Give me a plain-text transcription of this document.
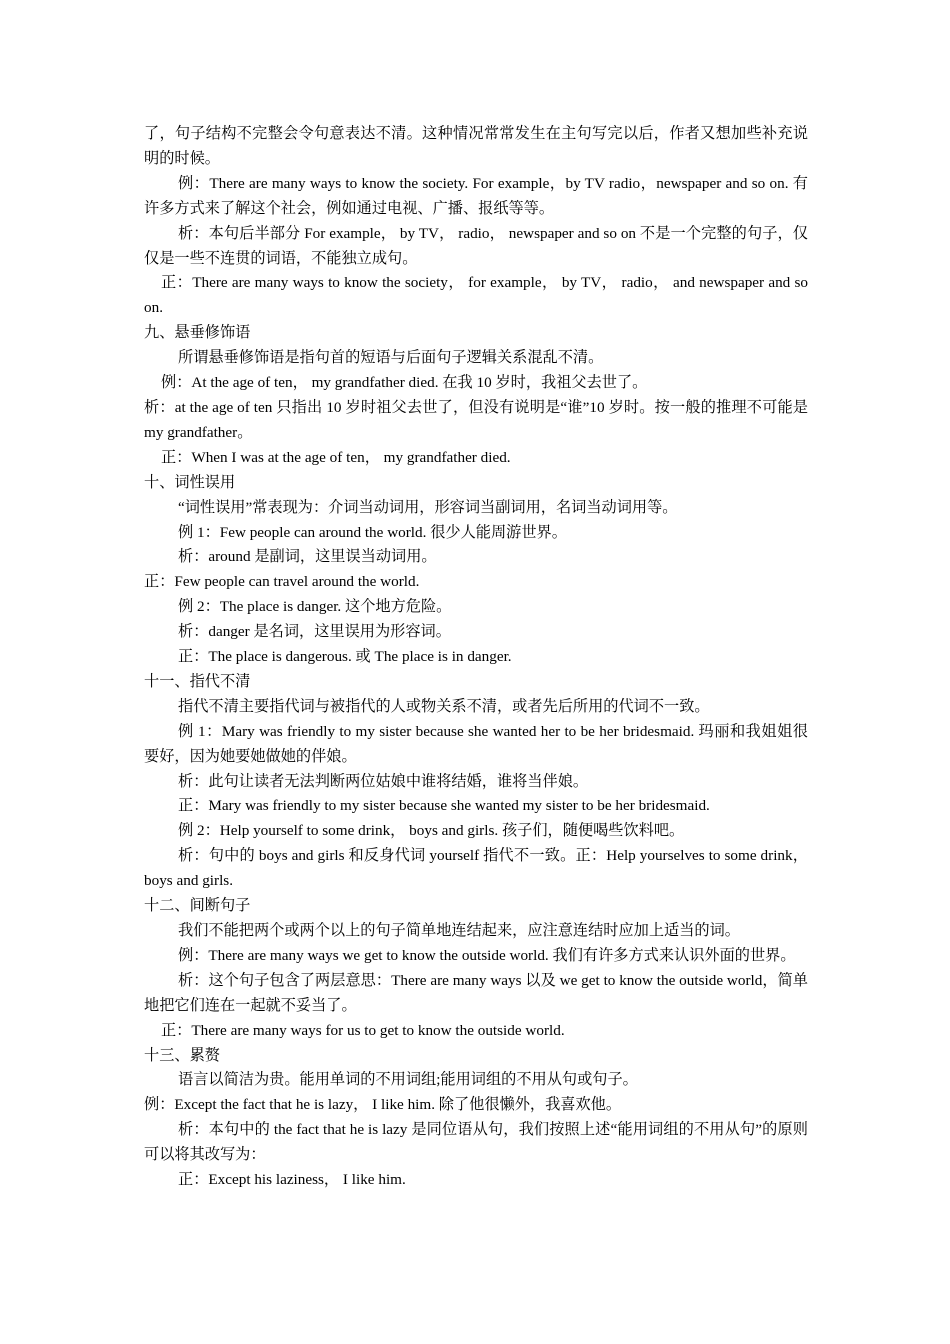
了，句子结构不完整会令句意表达不清。这种情况常常发生在主句写完以后，作者又想加些补充说明的时候。

例：There are many ways to know the society. For example，by TV radio，newspaper and so on. 有许多方式来了解这个社会，例如通过电视、广播、报纸等等。

析：本句后半部分 For example， by TV， radio， newspaper and so on 不是一个完整的句子，仅仅是一些不连贯的词语，不能独立成句。

正：There are many ways to know the society， for example， by TV， radio， and newspaper and so on.

九、悬垂修饰语

所谓悬垂修饰语是指句首的短语与后面句子逻辑关系混乱不清。

例：At the age of ten， my grandfather died. 在我 10 岁时，我祖父去世了。

析：at the age of ten 只指出 10 岁时祖父去世了，但没有说明是“谁”10 岁时。按一般的推理不可能是 my grandfather。

正：When I was at the age of ten， my grandfather died.

十、词性误用

“词性误用”常表现为：介词当动词用，形容词当副词用，名词当动词用等。

例 1：Few people can around the world. 很少人能周游世界。

析：around 是副词，这里误当动词用。

正：Few people can travel around the world.

例 2：The place is danger. 这个地方危险。

析：danger 是名词，这里误用为形容词。

正：The place is dangerous. 或 The place is in danger.

十一、指代不清

指代不清主要指代词与被指代的人或物关系不清，或者先后所用的代词不一致。

例 1：Mary was friendly to my sister because she wanted her to be her bridesmaid. 玛丽和我姐姐很要好，因为她要她做她的伴娘。

析：此句让读者无法判断两位姑娘中谁将结婚，谁将当伴娘。

正：Mary was friendly to my sister because she wanted my sister to be her bridesmaid.

例 2：Help yourself to some drink， boys and girls. 孩子们，随便喝些饮料吧。

析：句中的 boys and girls 和反身代词 yourself 指代不一致。正：Help yourselves to some drink， boys and girls.

十二、间断句子

我们不能把两个或两个以上的句子简单地连结起来，应注意连结时应加上适当的词。

例：There are many ways we get to know the outside world. 我们有许多方式来认识外面的世界。

析：这个句子包含了两层意思：There are many ways 以及 we get to know the outside world，简单地把它们连在一起就不妥当了。

正：There are many ways for us to get to know the outside world.

十三、累赘

语言以简洁为贵。能用单词的不用词组;能用词组的不用从句或句子。

例：Except the fact that he is lazy， I like him. 除了他很懒外，我喜欢他。

析：本句中的 the fact that he is lazy 是同位语从句，我们按照上述“能用词组的不用从句”的原则可以将其改写为：

正：Except his laziness， I like him.
